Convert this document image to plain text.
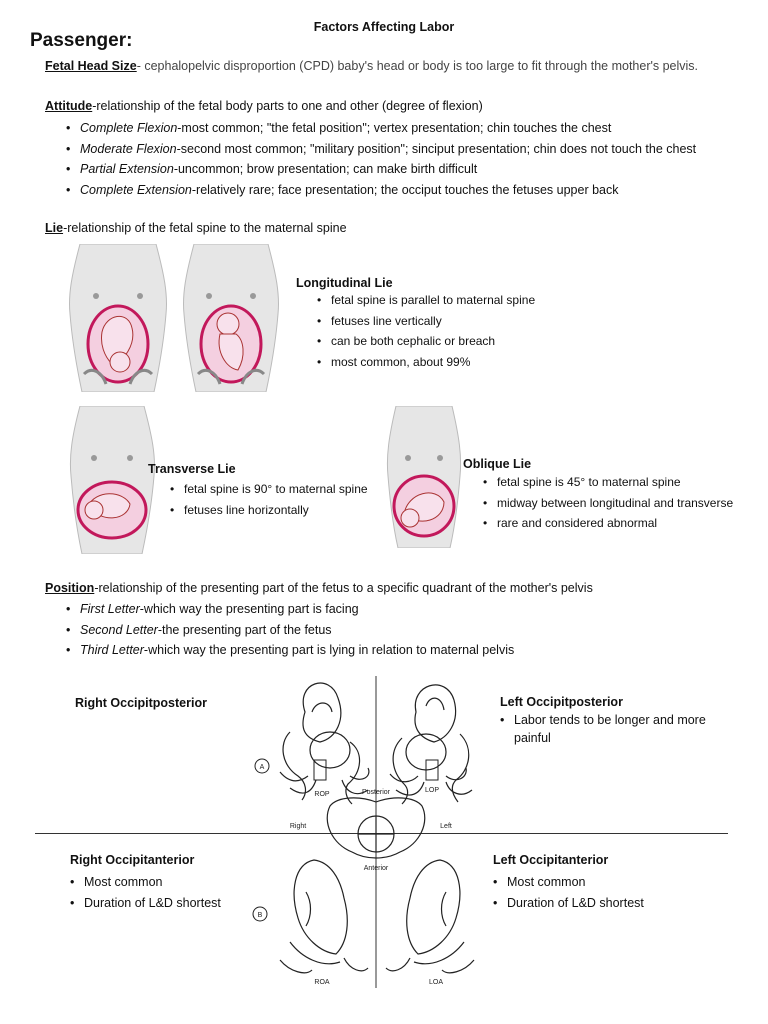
Factors Affecting Labor
Passenger:
Fetal Head Size- cephalopelvic disproportion (CPD) baby's head or body is too large to fit through the mother's pelvis.
Attitude-relationship of the fetal body parts to one and other (degree of flexion)
• Complete Flexion-most common; "the fetal position"; vertex presentation; chin touches the chest
• Moderate Flexion-second most common; "military position"; sinciput presentation; chin does not touch the chest
• Partial Extension-uncommon; brow presentation; can make birth difficult
• Complete Extension-relatively rare; face presentation; the occiput touches the fetuses upper back
Lie-relationship of the fetal spine to the maternal spine
Longitudinal Lie
• fetal spine is parallel to maternal spine
• fetuses line vertically
• can be both cephalic or breach
• most common, about 99%
Transverse Lie
• fetal spine is 90° to maternal spine
• fetuses line horizontally
Oblique Lie
• fetal spine is 45° to maternal spine
• midway between longitudinal and transverse
• rare and considered abnormal
Position-relationship of the presenting part of the fetus to a specific quadrant of the mother's pelvis
• First Letter-which way the presenting part is facing
• Second Letter-the presenting part of the fetus
• Third Letter-which way the presenting part is lying in relation to maternal pelvis
Right Occipitposterior	Left Occipitposterior
• Labor tends to be longer and more painful
Right Occipitanterior
• Most common
• Duration of L&D shortest
Left Occipitanterior
• Most common
• Duration of L&D shortest
A
ROP
LOP
Posterior
Right	Left
Anterior
B
ROA	LOA
